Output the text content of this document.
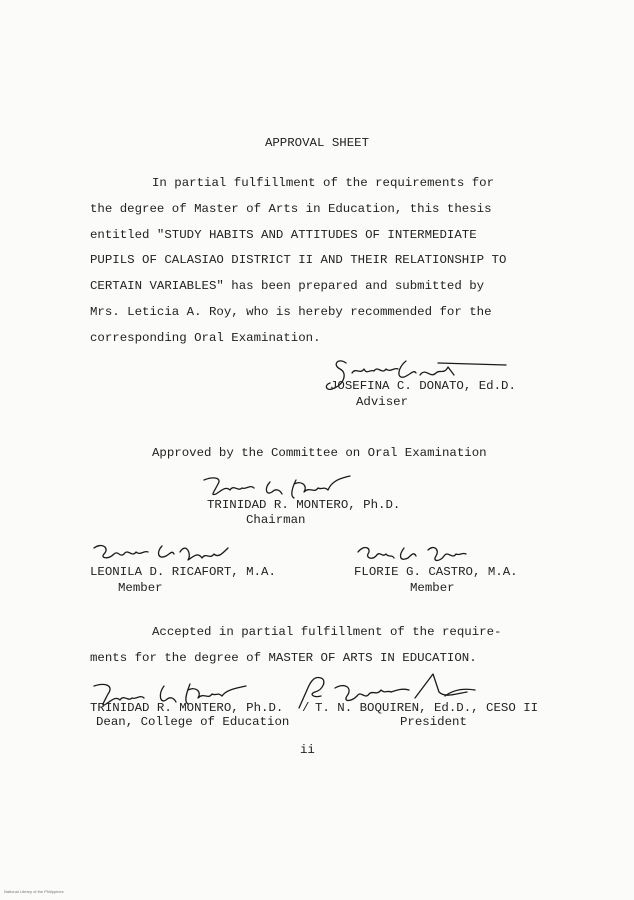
APPROVAL SHEET
In partial fulfillment of the requirements for
the degree of Master of Arts in Education, this thesis
entitled "STUDY HABITS AND ATTITUDES OF INTERMEDIATE
PUPILS OF CALASIAO DISTRICT II AND THEIR RELATIONSHIP TO
CERTAIN VARIABLES" has been prepared and submitted by
Mrs. Leticia A. Roy, who is hereby recommended for the
corresponding Oral Examination.
JOSEFINA C. DONATO, Ed.D.
Adviser
Approved by the Committee on Oral Examination
TRINIDAD R. MONTERO, Ph.D.
Chairman
LEONILA D. RICAFORT, M.A.
Member
FLORIE G. CASTRO, M.A.
Member
Accepted in partial fulfillment of the require-
ments for the degree of MASTER OF ARTS IN EDUCATION.
TRINIDAD R. MONTERO, Ph.D.
Dean, College of Education
/ T. N. BOQUIREN, Ed.D., CESO II
President
ii
National Library of the Philippines
